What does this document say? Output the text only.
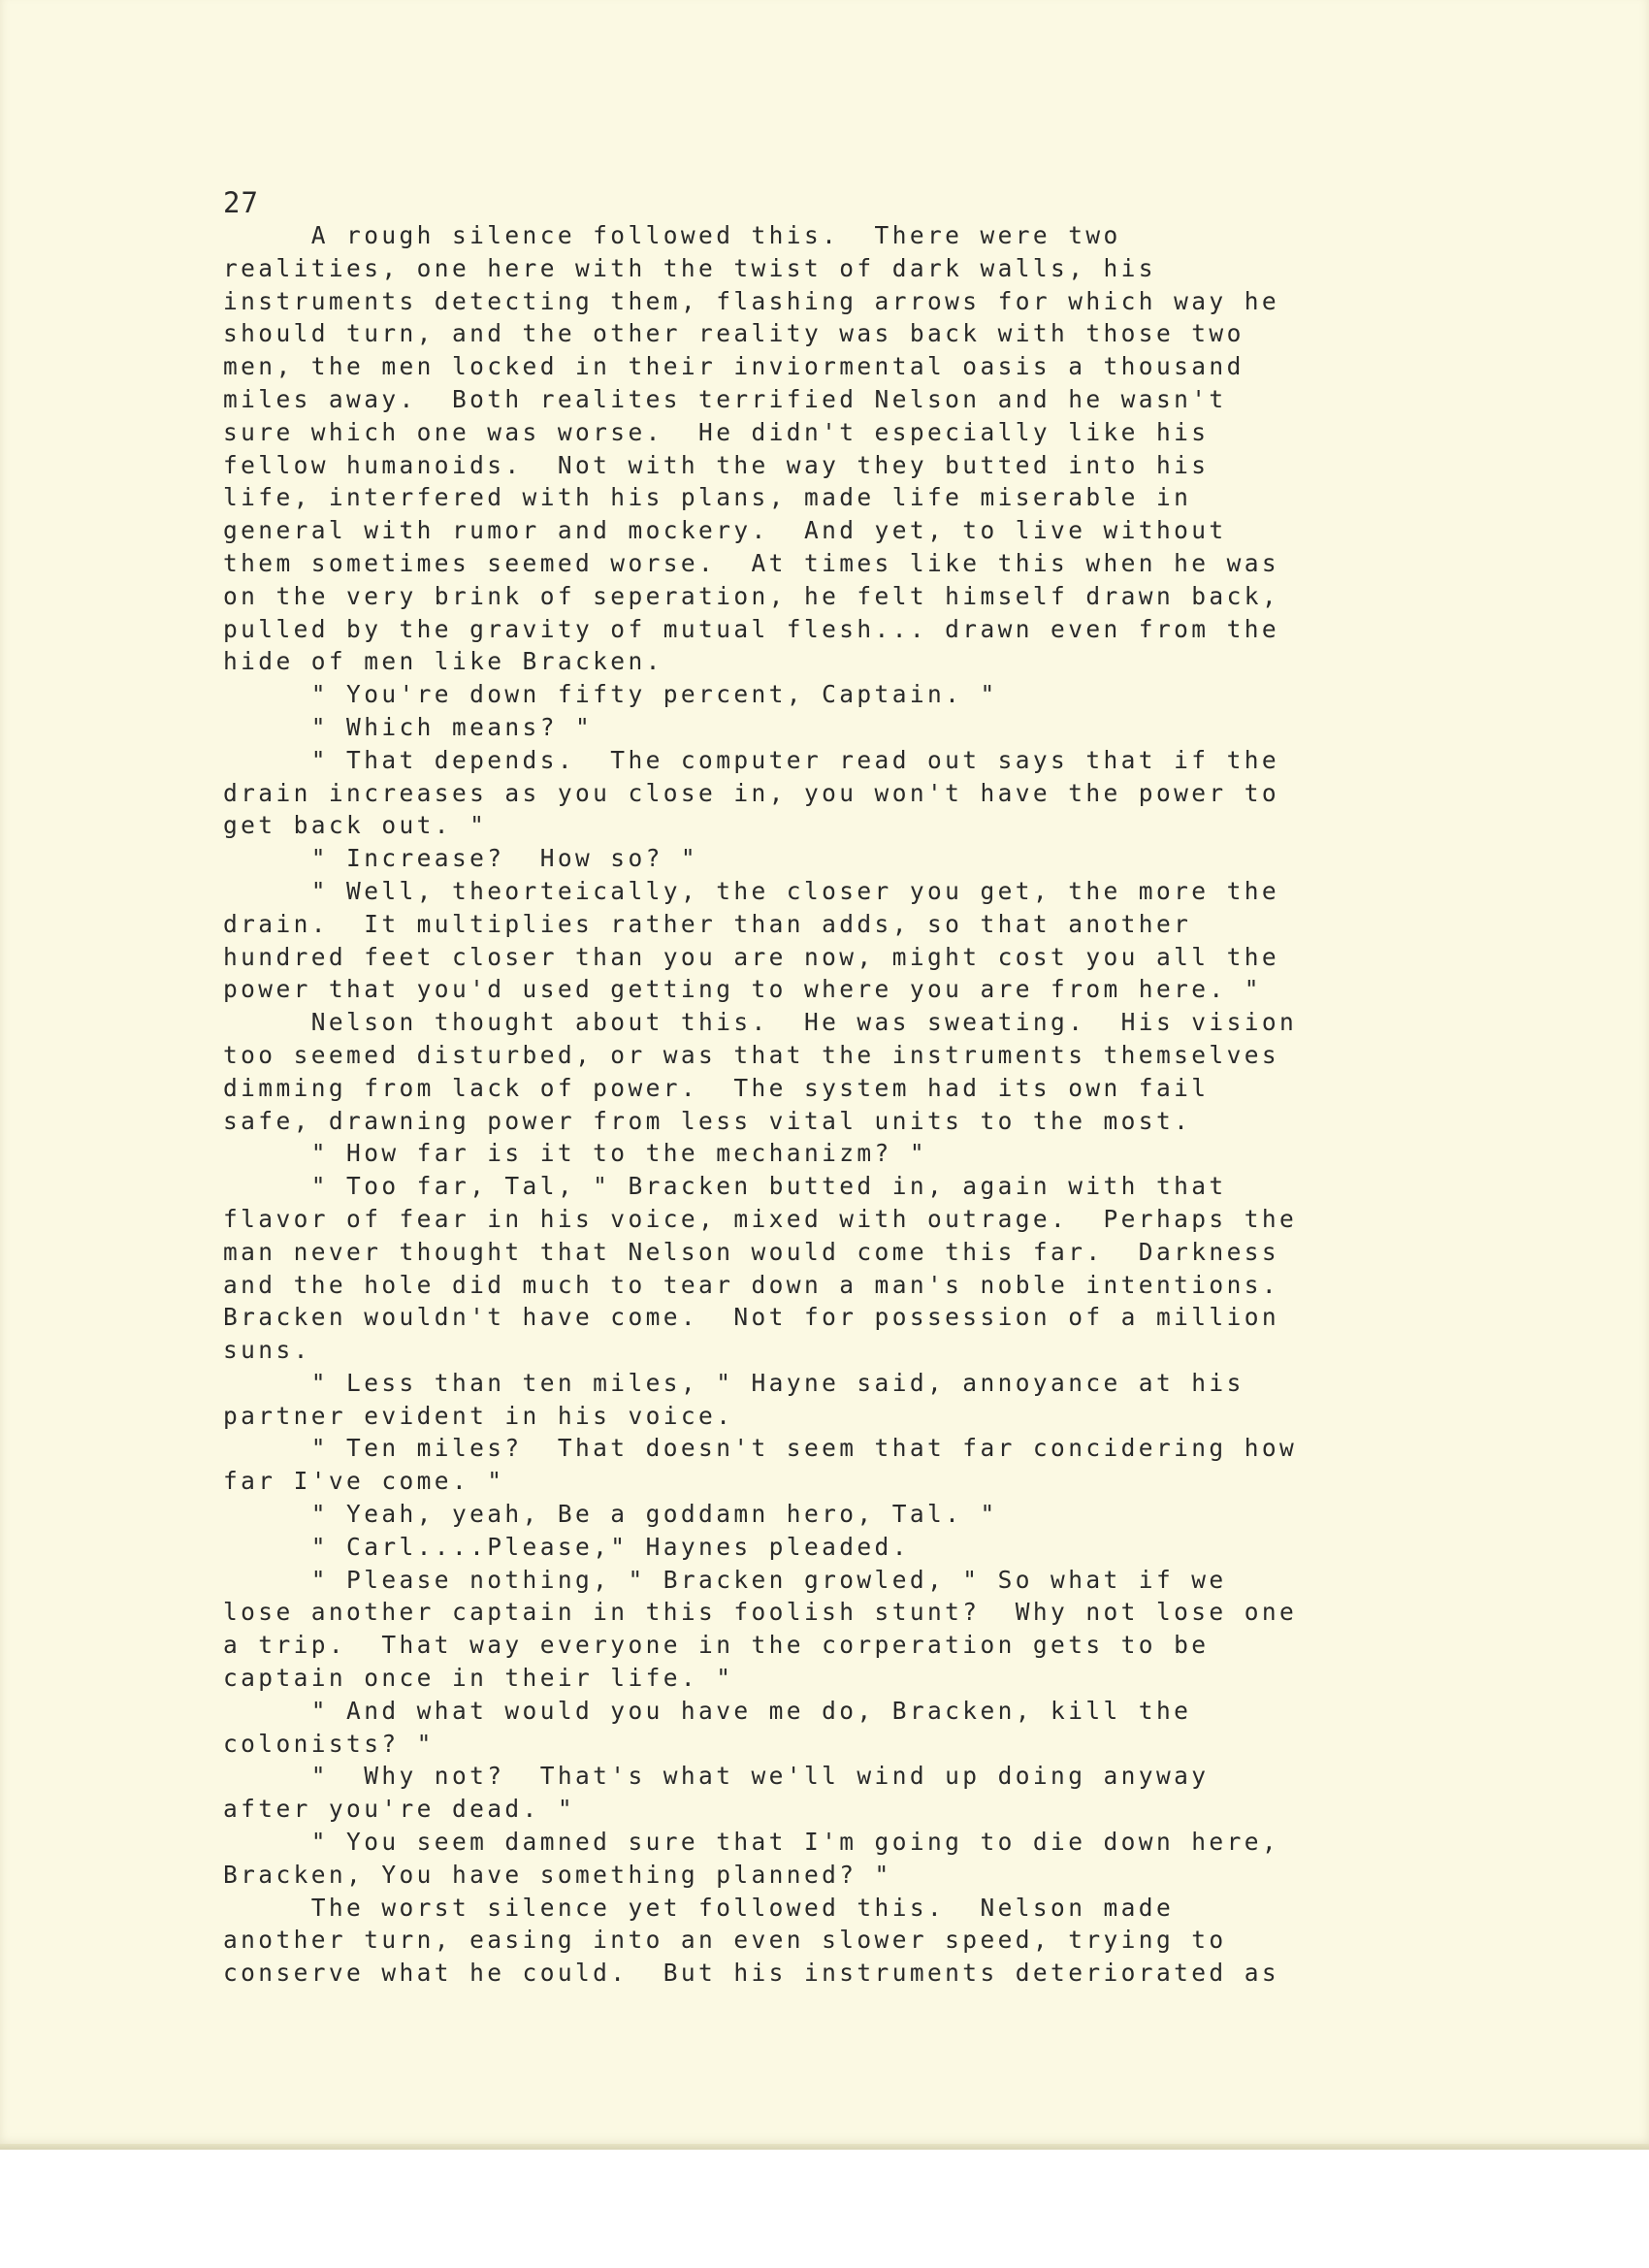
27
A rough silence followed this.  There were two
realities, one here with the twist of dark walls, his
instruments detecting them, flashing arrows for which way he
should turn, and the other reality was back with those two
men, the men locked in their inviormental oasis a thousand
miles away.  Both realites terrified Nelson and he wasn't
sure which one was worse.  He didn't especially like his
fellow humanoids.  Not with the way they butted into his
life, interfered with his plans, made life miserable in
general with rumor and mockery.  And yet, to live without
them sometimes seemed worse.  At times like this when he was
on the very brink of seperation, he felt himself drawn back,
pulled by the gravity of mutual flesh... drawn even from the
hide of men like Bracken.
" You're down fifty percent, Captain. "
" Which means? "
" That depends.  The computer read out says that if the
drain increases as you close in, you won't have the power to
get back out. "
" Increase?  How so? "
" Well, theorteically, the closer you get, the more the
drain.  It multiplies rather than adds, so that another
hundred feet closer than you are now, might cost you all the
power that you'd used getting to where you are from here. "
Nelson thought about this.  He was sweating.  His vision
too seemed disturbed, or was that the instruments themselves
dimming from lack of power.  The system had its own fail
safe, drawning power from less vital units to the most.
" How far is it to the mechanizm? "
" Too far, Tal, " Bracken butted in, again with that
flavor of fear in his voice, mixed with outrage.  Perhaps the
man never thought that Nelson would come this far.  Darkness
and the hole did much to tear down a man's noble intentions.
Bracken wouldn't have come.  Not for possession of a million
suns.
" Less than ten miles, " Hayne said, annoyance at his
partner evident in his voice.
" Ten miles?  That doesn't seem that far concidering how
far I've come. "
" Yeah, yeah, Be a goddamn hero, Tal. "
" Carl....Please," Haynes pleaded.
" Please nothing, " Bracken growled, " So what if we
lose another captain in this foolish stunt?  Why not lose one
a trip.  That way everyone in the corperation gets to be
captain once in their life. "
" And what would you have me do, Bracken, kill the
colonists? "
"  Why not?  That's what we'll wind up doing anyway
after you're dead. "
" You seem damned sure that I'm going to die down here,
Bracken, You have something planned? "
The worst silence yet followed this.  Nelson made
another turn, easing into an even slower speed, trying to
conserve what he could.  But his instruments deteriorated as
